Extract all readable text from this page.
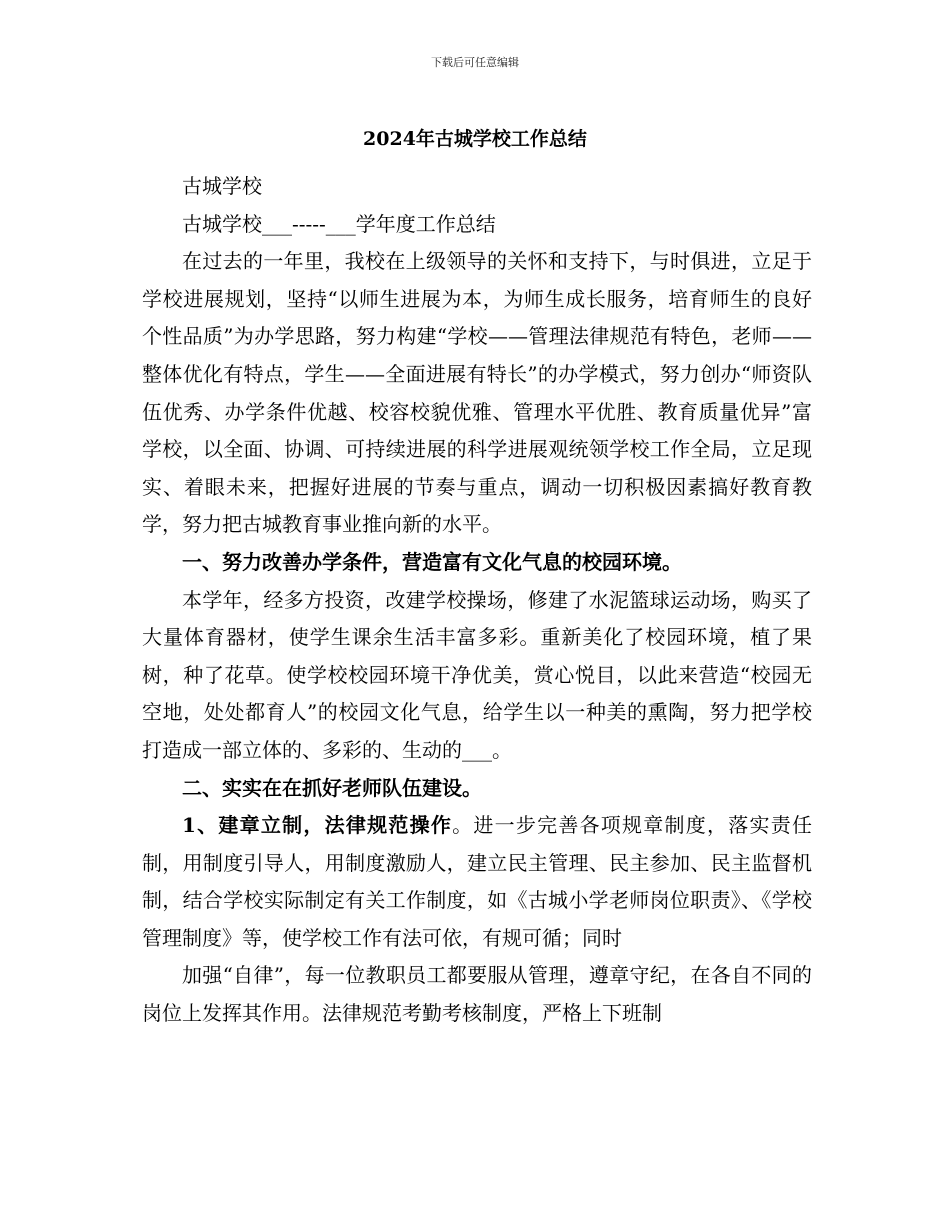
下载后可任意编辑
2024年古城学校工作总结

古城学校

古城学校___-----___学年度工作总结

在过去的一年里，我校在上级领导的关怀和支持下，与时俱进，立足于学校进展规划，坚持“以师生进展为本，为师生成长服务，培育师生的良好个性品质”为办学思路，努力构建“学校——管理法律规范有特色，老师——整体优化有特点，学生——全面进展有特长”的办学模式，努力创办“师资队伍优秀、办学条件优越、校容校貌优雅、管理水平优胜、教育质量优异”富学校，以全面、协调、可持续进展的科学进展观统领学校工作全局，立足现实、着眼未来，把握好进展的节奏与重点，调动一切积极因素搞好教育教学，努力把古城教育事业推向新的水平。

一、努力改善办学条件，营造富有文化气息的校园环境。

本学年，经多方投资，改建学校操场，修建了水泥篮球运动场，购买了大量体育器材，使学生课余生活丰富多彩。重新美化了校园环境，植了果树，种了花草。使学校校园环境干净优美，赏心悦目，以此来营造“校园无空地，处处都育人”的校园文化气息，给学生以一种美的熏陶，努力把学校打造成一部立体的、多彩的、生动的___。

二、实实在在抓好老师队伍建设。

1、建章立制，法律规范操作。进一步完善各项规章制度，落实责任制，用制度引导人，用制度激励人，建立民主管理、民主参加、民主监督机制，结合学校实际制定有关工作制度，如《古城小学老师岗位职责》、《学校管理制度》等，使学校工作有法可依，有规可循；同时

加强“自律”，每一位教职员工都要服从管理，遵章守纪，在各自不同的岗位上发挥其作用。法律规范考勤考核制度，严格上下班制
